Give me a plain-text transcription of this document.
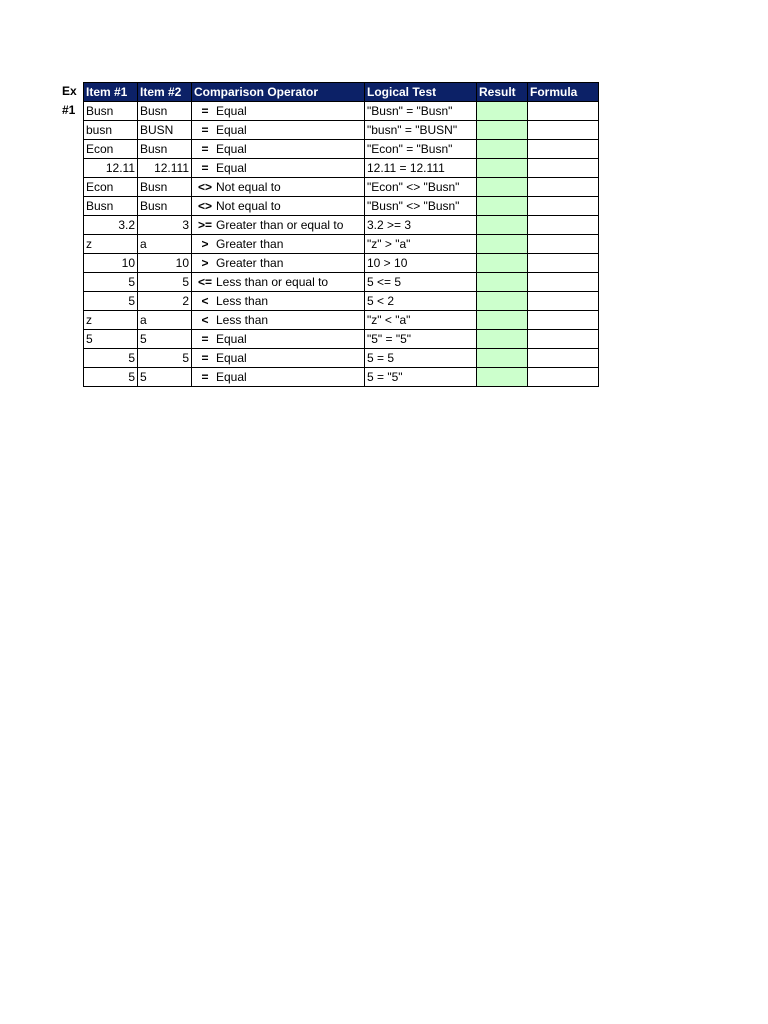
Ex
#1
Item #1	Item #2	Comparison Operator	Logical Test	Result	Formula
Busn	Busn	= Equal	"Busn" = "Busn"		
busn	BUSN	= Equal	"busn" = "BUSN"		
Econ	Busn	= Equal	"Econ" = "Busn"		
12.11	12.111	= Equal	12.11 = 12.111		
Econ	Busn	<> Not equal to	"Econ" <> "Busn"		
Busn	Busn	<> Not equal to	"Busn" <> "Busn"		
3.2	3	>= Greater than or equal to	3.2 >= 3		
z	a	> Greater than	"z" > "a"		
10	10	> Greater than	10 > 10		
5	5	<= Less than or equal to	5 <= 5		
5	2	< Less than	5 < 2		
z	a	< Less than	"z" < "a"		
5	5	= Equal	"5" = "5"		
5	5	= Equal	5 = 5		
5	5	= Equal	5 = "5"		
